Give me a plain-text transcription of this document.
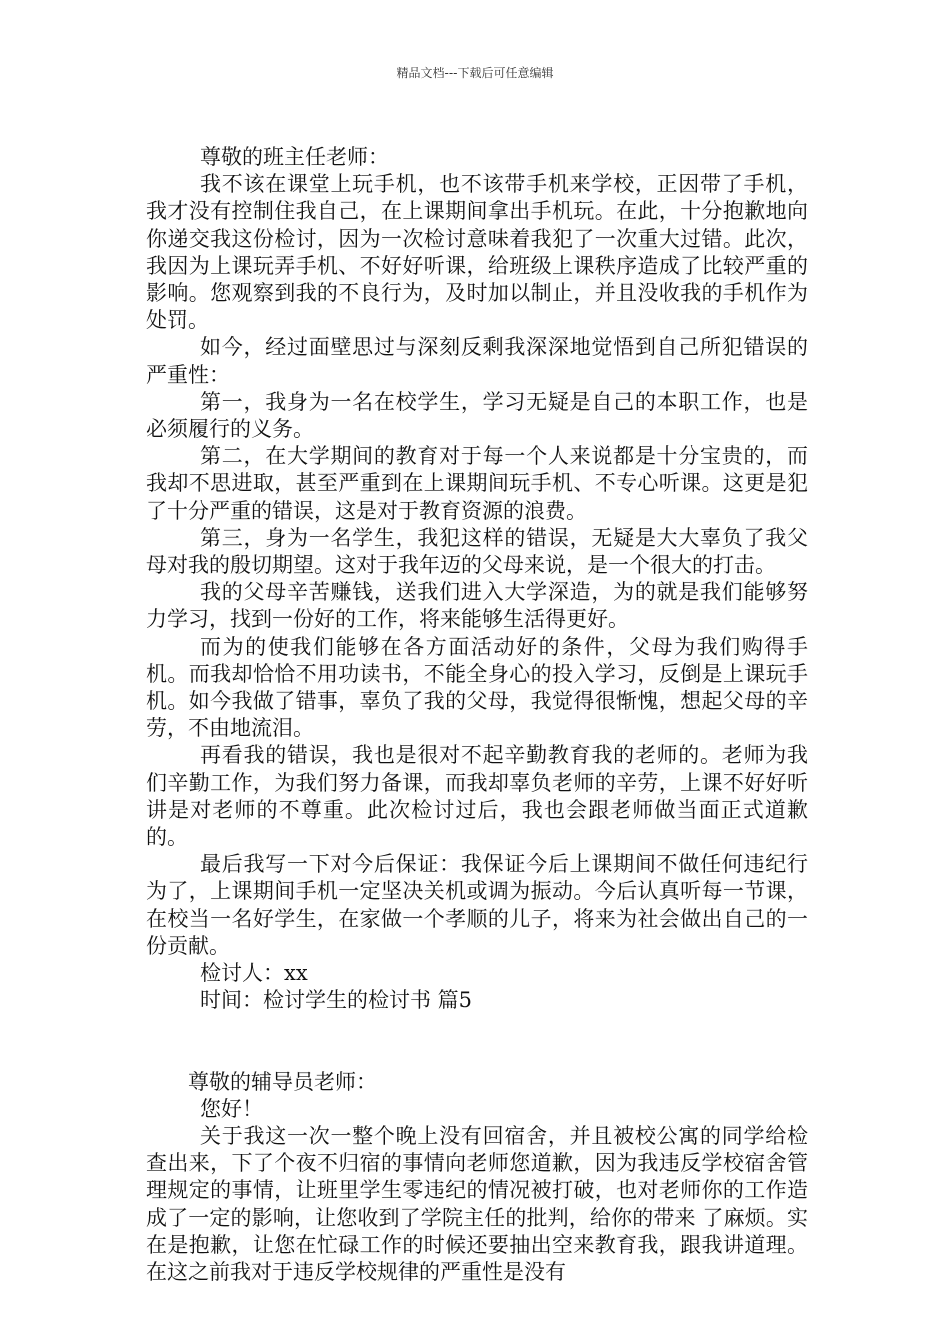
精品文档---下载后可任意编辑

尊敬的班主任老师：

我不该在课堂上玩手机，也不该带手机来学校，正因带了手机，我才没有控制住我自己，在上课期间拿出手机玩。在此，十分抱歉地向你递交我这份检讨，因为一次检讨意味着我犯了一次重大过错。此次，我因为上课玩弄手机、不好好听课，给班级上课秩序造成了比较严重的影响。您观察到我的不良行为，及时加以制止，并且没收我的手机作为处罚。

如今，经过面壁思过与深刻反剩我深深地觉悟到自己所犯错误的严重性：

第一，我身为一名在校学生，学习无疑是自己的本职工作，也是必须履行的义务。

第二，在大学期间的教育对于每一个人来说都是十分宝贵的，而我却不思进取，甚至严重到在上课期间玩手机、不专心听课。这更是犯了十分严重的错误，这是对于教育资源的浪费。

第三，身为一名学生，我犯这样的错误，无疑是大大辜负了我父母对我的殷切期望。这对于我年迈的父母来说，是一个很大的打击。

我的父母辛苦赚钱，送我们进入大学深造，为的就是我们能够努力学习，找到一份好的工作，将来能够生活得更好。

而为的使我们能够在各方面活动好的条件，父母为我们购得手机。而我却恰恰不用功读书，不能全身心的投入学习，反倒是上课玩手机。如今我做了错事，辜负了我的父母，我觉得很惭愧，想起父母的辛劳，不由地流泪。

再看我的错误，我也是很对不起辛勤教育我的老师的。老师为我们辛勤工作，为我们努力备课，而我却辜负老师的辛劳，上课不好好听讲是对老师的不尊重。此次检讨过后，我也会跟老师做当面正式道歉的。

最后我写一下对今后保证：我保证今后上课期间不做任何违纪行为了，上课期间手机一定坚决关机或调为振动。今后认真听每一节课，在校当一名好学生，在家做一个孝顺的儿子，将来为社会做出自己的一份贡献。

检讨人：xx

时间：检讨学生的检讨书 篇5

尊敬的辅导员老师：

您好！

关于我这一次一整个晚上没有回宿舍，并且被校公寓的同学给检查出来，下了个夜不归宿的事情向老师您道歉，因为我违反学校宿舍管理规定的事情，让班里学生零违纪的情况被打破，也对老师你的工作造成了一定的影响，让您收到了学院主任的批判，给你的带来 了麻烦。实在是抱歉，让您在忙碌工作的时候还要抽出空来教育我，跟我讲道理。在这之前我对于违反学校规律的严重性是没有
